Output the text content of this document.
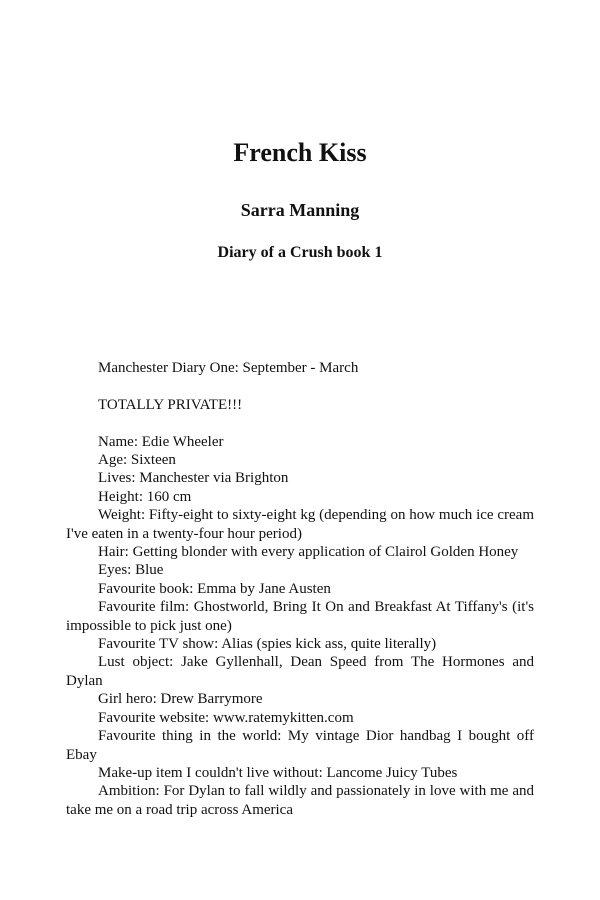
French Kiss
Sarra Manning
Diary of a Crush book 1

Manchester Diary One: September - March

TOTALLY PRIVATE!!!

Name: Edie Wheeler

Age: Sixteen

Lives: Manchester via Brighton

Height: 160 cm

Weight: Fifty-eight to sixty-eight kg (depending on how much ice cream I've eaten in a twenty-four hour period)

Hair: Getting blonder with every application of Clairol Golden Honey

Eyes: Blue

Favourite book: Emma by Jane Austen

Favourite film: Ghostworld, Bring It On and Breakfast At Tiffany's (it's impossible to pick just one)

Favourite TV show: Alias (spies kick ass, quite literally)

Lust object: Jake Gyllenhall, Dean Speed from The Hormones and Dylan

Girl hero: Drew Barrymore

Favourite website: www.ratemykitten.com

Favourite thing in the world: My vintage Dior handbag I bought off Ebay

Make-up item I couldn't live without: Lancome Juicy Tubes

Ambition: For Dylan to fall wildly and passionately in love with me and take me on a road trip across America
